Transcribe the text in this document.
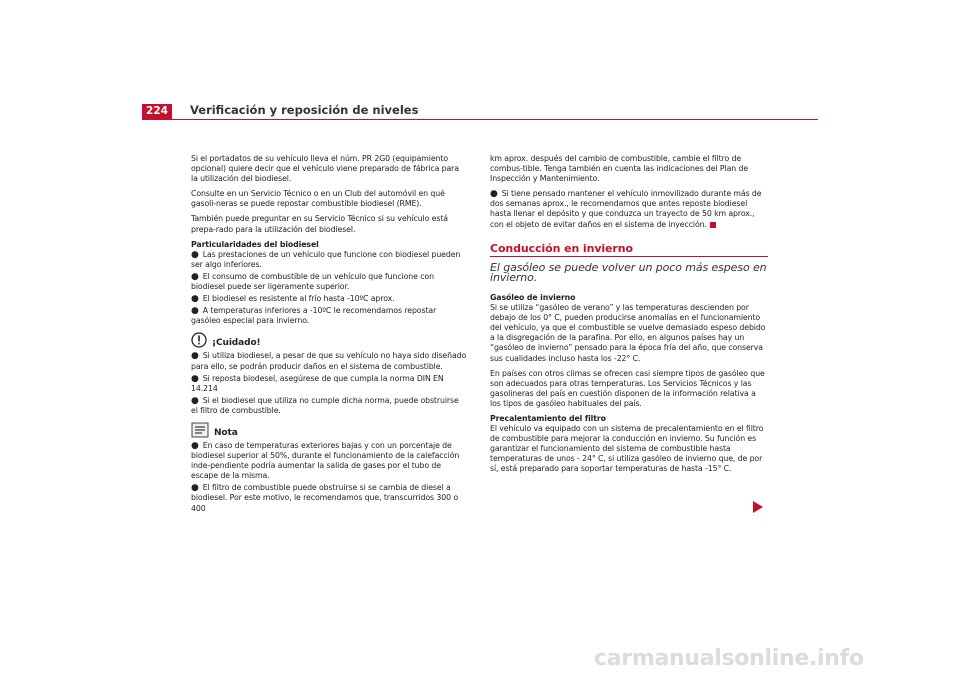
224	Verificación y reposición de niveles

Si el portadatos de su vehículo lleva el núm. PR 2G0 (equipamiento opcional) quiere decir que el vehículo viene preparado de fábrica para la utilización del biodiesel.

Consulte en un Servicio Técnico o en un Club del automóvil en qué gasoli-neras se puede repostar combustible biodiesel (RME).

También puede preguntar en su Servicio Técnico si su vehículo está prepa-rado para la utilización del biodiesel.

Particularidades del biodiesel

● Las prestaciones de un vehículo que funcione con biodiesel pueden ser algo inferiores.

● El consumo de combustible de un vehículo que funcione con biodiesel puede ser ligeramente superior.

● El biodiesel es resistente al frío hasta -10ºC aprox.

● A temperaturas inferiores a -10ºC le recomendamos repostar gasóleo especial para invierno.

¡Cuidado!

● Si utiliza biodiesel, a pesar de que su vehículo no haya sido diseñado para ello, se podrán producir daños en el sistema de combustible.

● Si reposta biodesel, asegúrese de que cumpla la norma DIN EN 14.214

● Si el biodiesel que utiliza no cumple dicha norma, puede obstruirse el filtro de combustible.

Nota

● En caso de temperaturas exteriores bajas y con un porcentaje de biodiesel superior al 50%, durante el funcionamiento de la calefacción inde-pendiente podría aumentar la salida de gases por el tubo de escape de la misma.

● El filtro de combustible puede obstruirse si se cambia de diesel a biodiesel. Por este motivo, le recomendamos que, transcurridos 300 o 400

km aprox. después del cambio de combustible, cambie el filtro de combus-tible. Tenga también en cuenta las indicaciones del Plan de Inspección y Mantenimiento.

● Si tiene pensado mantener el vehículo inmovilizado durante más de dos semanas aprox., le recomendamos que antes reposte biodiesel hasta llenar el depósito y que conduzca un trayecto de 50 km aprox., con el objeto de evitar daños en el sistema de inyección.

Conducción en invierno
El gasóleo se puede volver un poco más espeso en invierno.

Gasóleo de invierno

Si se utiliza “gasóleo de verano” y las temperaturas descienden por debajo de los 0° C, pueden producirse anomalías en el funcionamiento del vehículo, ya que el combustible se vuelve demasiado espeso debido a la disgregación de la parafina. Por ello, en algunos países hay un “gasóleo de invierno” pensado para la época fría del año, que conserva sus cualidades incluso hasta los -22° C.

En países con otros climas se ofrecen casi siempre tipos de gasóleo que son adecuados para otras temperaturas. Los Servicios Técnicos y las gasolineras del país en cuestión disponen de la información relativa a los tipos de gasóleo habituales del país.

Precalentamiento del filtro

El vehículo va equipado con un sistema de precalentamiento en el filtro de combustible para mejorar la conducción en invierno. Su función es garantizar el funcionamiento del sistema de combustible hasta temperaturas de unos - 24° C, si utiliza gasóleo de invierno que, de por sí, está preparado para soportar temperaturas de hasta -15° C.

carmanualsonline.info
